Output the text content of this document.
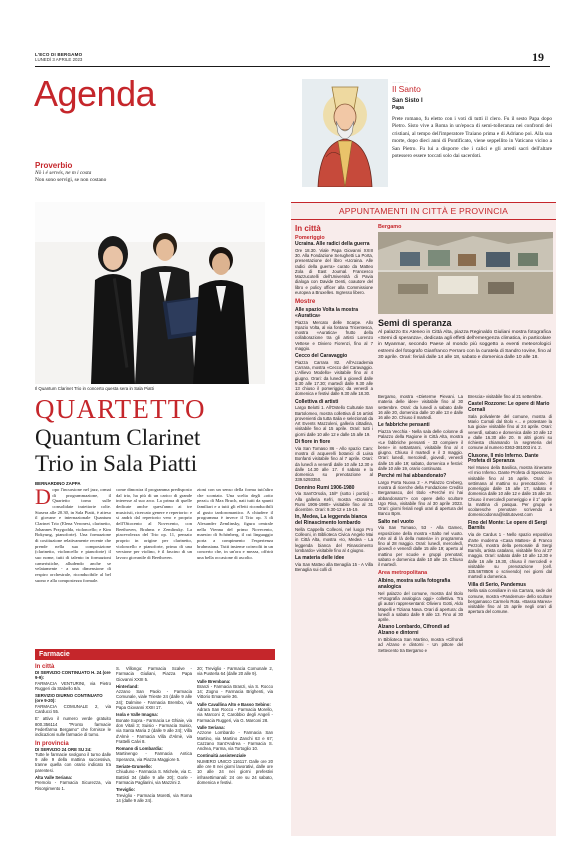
L'ECO DI BERGAMO
LUNEDÌ 3 APRILE 2023	19
Agenda
Proverbio
Nö i é servés, ne m i costa
Non sono servigi, se non costano
...................
Il Santo
San Sisto I
Papa
Prete romano, fu eletto con i voti di tutti il clero. Fu il sesto Papa dopo Pietro. Sisto vive a Roma in un'epoca di semi-tolleranza nei confronti dei cristiani, al tempo dell'imperatore Traiano prima e di Adriano poi. Alla sua morte, dopo dieci anni di Pontificato, viene seppellito in Vaticano vicino a San Pietro. Fu lui a disporre che i calici e gli arredi sacri dell'altare potessero essere toccati solo dai sacerdoti.
Il Quantum Clarinet Trio in concerto questa sera in Sala Piatti
QUARTETTO
Quantum Clarinet
Trio in Sala Piatti
BERNARDINO ZAPPA
D opo l'incursione nel jazz, ormai di programmazione, il Quartetto torna sulle consolidate traiettorie colte. Stasera alle 20.30, in Sala Piatti, è atteso il giovane e internazionale Quantum Clarinet Trio (Elena Veronesi, clarinetto, Johannes Przygodda, violoncello; e Kim Bokyung, pianoforte). Una formazione di costituzione relativamente recente che prende nella sua composizione (clarinetto, violoncello e pianoforte) il suo nome, tutti di talento in formazioni cameristiche, alludendo anche se velatamente - a una dimensione di respiro orchestrale, riconducibile al bel suono e alla compostezza formale.
come dimostra il programma predisposto dal trio, ha più di un carico di grande interesse al suo arco. La prima di quelle dedicate anche quest'anno ai tre musicisti, ricercato genere e repertorio: e si andrà dal repertorio vero e proprio dell'Ottocento al Novecento, con Beethoven, Brahms e Zemlinsky. La piacevolezza del Trio op. 11, pensato proprio in origine per clarinetto, violoncello e pianoforte, prima di una versione per violino, è il fascino di un lavoro giovanile di Beethoven.
zioni con un senso della forma tutt'altro che scontato. Una scelta degli «otto pezzi» di Max Bruch, nati tutti da spunti familiari e a tutti gli effetti riconducibili al gusto tardoromantico. A chiudere il programma è invece il Trio op. 3 di Alexander Zemlinsky, figura centrale nella Vienna del primo Novecento, maestro di Schönberg, il cui linguaggio porta a compimento l'esperienza brahmsiana. Tutti insieme coinvolti in un concerto che, in un'ora e mezza, offrirà una bella occasione di ascolto.
Farmacie
In città
DI SERVIZIO CONTINUATO H. 24 (ore 9-9):
FARMACIA VENTURINI, via Pietro Ruggeri da Stabello 8/a.
SERVIZIO DIURNO CONTINUATO (ore 9-20):
FARMACIA COMUNALE 2, via Carducci 55.
E' attivo il numero verde gratuito 800.356114 "Pronto farmacie Federfarma Bergamo" che fornisce le indicazioni sulle farmacie di turno.
In provincia
DI SERVIZIO 24 ORE SU 24:
Tutte le farmacie svolgono il turno dalle 9 alle 9 della mattina successiva, tranne quella con orario indicato tra parentesi.
Alta Valle Seriana:
Premolo - Farmacia Sicurezza, via Risorgimento 1.
S. Villongo: Farmacia Scalve - Farmacia Giuliani, Piazza Papa Giovanni XXIII 5.
Hinterland:
Azzano San Paolo - Farmacia Comunale, viale Trieste 24 (dalle 9 alle 24); Dalmine - Farmacia Brembo, via Papa Giovanni XXIII 17.
Isola e Valle Imagna:
Bonate Sopra - Farmacia Le Ghiaie, via don Vitali 3; Suisio - Farmacia Suisio, via Santa Maria 2 (dalle 9 alle 24); Villa d'Almè - Farmacia Villa d'Almè, via Frattelli Calvi 8.
Romano di Lombardia:
Martinengo - Farmacia Antica Speranza, via Piazza Maggiore 5.
Seriate-Grumello:
Chiuduno - Farmacia S. Michele, via C. Battisti 34 (dalle 9 alle 20); Gorle - Farmacia Pagliarini, via Mazzini 2.
Treviglio:
Treviglio - Farmacia Moretti, via Roma 14 (dalle 9 alle 24).
20; Treviglio - Farmacia Comunale 2, via Pusterla 64 (dalle 20 alle 9).
Valle Brembana:
Branzi - Farmacia Branzi, via S. Rocco 14; Zogno - Farmacia Brighenti, via Vittorio Emanuele 36.
Valle Cavallina Alto e Basso Sebino:
Adrara San Rocco - Farmacia Morello, via Marconi 2; Carobbio degli Angeli - Farmacia Ruggeri, via G. Marconi 28.
Valle Seriana:
Azzone Lombardo - Farmacia San Martino, via Martino Zanchi 63 e 67; Cazzano Sant'Andrea - Farmacia S. Andrea, Farma, via Tortoglio 10.
Continuità assistenziale
NUMERO UNICO 116117. Dalle ore 20 alle ore 8 nei giorni lavorativi, dalle ore 10 alle 24 nei giorni prefestivi infrasettimanali: 24 ore su 24 sabato, domenica e festivi.
APPUNTAMENTI IN CITTÀ E PROVINCIA
In città
Pomeriggio
Ucraina. Alle radici della guerra
Ore 18.30. Viale Papa Giovanni XXIII 30. Alla Fondazione Serughetti La Porta, presentazione del libro «Ucraina. Alle radici della guerra» curato da Matteo Zola di East Journal. Francesco Mazzucotelli dell'Università di Pavia dialoga con Davide Denti, coautore del libro e policy officer alla Commissione europea a Bruxelles. Ingresso libero.
Mostre
Alle spazio Volta la mostra «Auratica»
Piazza Mercato delle Scarpe. Allo Spazio Volta, al via fontana Tricentesca, mostra «Auratica» frutto della collaborazione tra gli artisti Lorenzo Vettese e Diviero Fiorenzi, fino al 7 maggio.
Cecco del Caravaggio
Piazza Carrara 82. All'Accademia Carrara, mostra «Cecco del Caravaggio. L'Allievo Modello» visitabile fino al 4 giugno. Orari: da lunedì a giovedì dalle 9.30 alle 17.30; martedì dalle 9.30 alle 13 chiuso il pomeriggio; da venerdì a domenica e festivi dalle 9.30 alle 18.30.
Collettiva di artisti
Largo Belotti 1. All'Ostello Culturale San Bartolomeo, mostra collettiva di 16 artisti provenienti da tutta Italia e selezionati da Art Events Mazzoleni, galleria cittadina, visitabile fino al 15 aprile. Orari: tutti i giorni dalle 10 alle 12 e dalle 15 alle 19.
Di fiore in fiore
Via San Tomaso 86 - Allo spazio Cam: mostra di acquerelli botanici di Luisa Bonfanti visitabile fino al 7 aprile. Orari: da lunedì a venerdì dalle 10 alle 12.30 e dalle 14.30 alle 17. Il sabato e la domenica su prenotazione al 339.5293350.
Donnino Rumi 1906-1980
Via Sant'Orsola, 15/F (sotto i portici) - Alla galleria Kefri, mostra «Donnino Rumi 1906-1980» visitabile fino al 31 dicembre. Orari: 9.30-12 e 15-19.
In, Medea, La leggenda bianca del Rinascimento lombardo
Nella Cappella Colleoni, nel luogo Pro Colleoni, in Biblioteca Civica Angelo Mai in Città Alta, mostra «Io, Medea - La leggenda bianca del Rinascimento lombardo» visitabile fino al 4 giugno.
La materia delle idee
Via San Matteo alla Benaglia 15 - A Villa Benaglia sui colli di
Bergamo
Semi di speranza
Al palazzo Ex Ateneo in Città Alta, piazza Reginaldo Giuliani mostra fotografica «Semi di speranza», dedicata agli effetti dell'emergenza climatica, in particolare in Myanmar, secondo Paese al mondo più soggetto a eventi meteorologici estremi del fotografo Gianfranco Ferraro con la curatela di Sandro Iovine, fino al 30 aprile. Orari: feriali dalle 14 alle 18, sabato e domenica dalle 10 alle 18.
Bergamo, mostra «Dieterme Pievani. La materia delle idee» visitabile fino al 30 settembre. Orari: da lunedì a sabato dalle 16 alle 20, domenica dalle 10 alle 13 e dalle 16 alle 20. Chiuso il martedì.
Le fabbriche pensanti
Piazza Vecchia - Nella sala delle colonne di Palazzo della Ragione in Città Alta, mostra «Le fabbriche pensanti - 33 compiere il bene» in settantanni, visitabile fino al 4 giugno. Chiuso il martedì e il 3 maggio. Orari: lunedì, mercoledì, giovedì, venerdì dalle 15 alle 19; sabato, domenica e festivi: dalle 10 alle 19, orario continuato.
Perché mi hai abbandonato?
Largo Porta Nuova 2 - A Palazzo Creberg, mostra di ricerche della Fondazione Credito Bergamasco, del titolo «Perché mi hai abbandonato?» con opere dello scultore Ugo Riva, visitabile fino al 30 aprile 2023. Orari: giorni feriali negli orari di apertura del Banco Bpm.
Salto nel vuoto
Via San Tomaso, 53 - Alla Gamec, esposizione della mostra «Salto nel vuoto. Arte al di là della materia» in programma fino al 28 maggio. Orari: lunedì, mercoledì, giovedì e venerdì dalle 15 alle 19; aperto al mattino per scuole e gruppi prenotati; sabato e domenica dalle 10 alle 19. Chiuso il martedì.
Area metropolitana
Albino, mostra sulla fotografia analogica
Nel palazzo del comune, mostra dal titolo «Fotografia analogica oggi» collettiva. Tra gli autori rappresentanti: Oliviero Gotti, Aldo Mapelli e Tiziana Nava. Orari di apertura: da lunedì a sabato dalle 9 alle 13. Fino al 30 aprile.
Alzano Lombardo, Cifrondi ad Alzano e dintorni
In Biblioteca San Martino, mostra «Cifrondi ad Alzano e dintorni - Un pittore del Settecento tra Bergamo e
Brescia» visitabile fino al 21 settembre.
Castel Rozzone: Le opere di Mario Cornali
Sala polivalente del comune, mostra di Mario Cornali dal titolo «... e protestare la tua gioia» visitabile fino al 24 aprile. Orari: venerdì, sabato e domenica dalle 10 alle 12 e dalle 16.30 alle 20. In altri giorni su richiesta chiamando la segreteria del comune al numero 0363-381003 int. 2.
Clusone, Il mio Inferno. Dante Profeta di Speranza
Nel Museo della Basilica, mostra itinerante «Il mio Inferno. Dante Profeta di Speranza» visitabile fino al 16 aprile. Orari: in settimana al mattino su prenotazione. Il pomeriggio dalle 15 alle 17, sabato e domenica dalle 10 alle 12 e dalle 15 alle 18. Chiuso il mercoledì pomeriggio e il 1° aprile la mattina di pasqua. Per gruppi e scolaresche prenotare scrivendo a domenicodonna@istitutovest.com
Fino del Monte: Le opere di Sergi Barnils
Via de Cardus 1 - Nello spazio espositivo d'arte moderna «Casa Mattes» di Franco Pezzoli, mostra della personale di Sergi Barnils, artista catalano, visitabile fino al 27 maggio. Orari: sabato dalle 10 alle 12.30 e dalle 16 alle 19.30, chiuso il mercoledì e visitabile su prenotazione (cell. 335.5678506 o scrivendo) nei giorni dal martedì a domenica.
Villa di Serio, Pandemus
Nella sala consiliare in via Carrara, sede del comune, mostra «Pandemus» dello scultore bergamasco Carmelo Rota. «Bassa Marea» visitabile fino al 15 aprile negli orari di apertura del comune.
